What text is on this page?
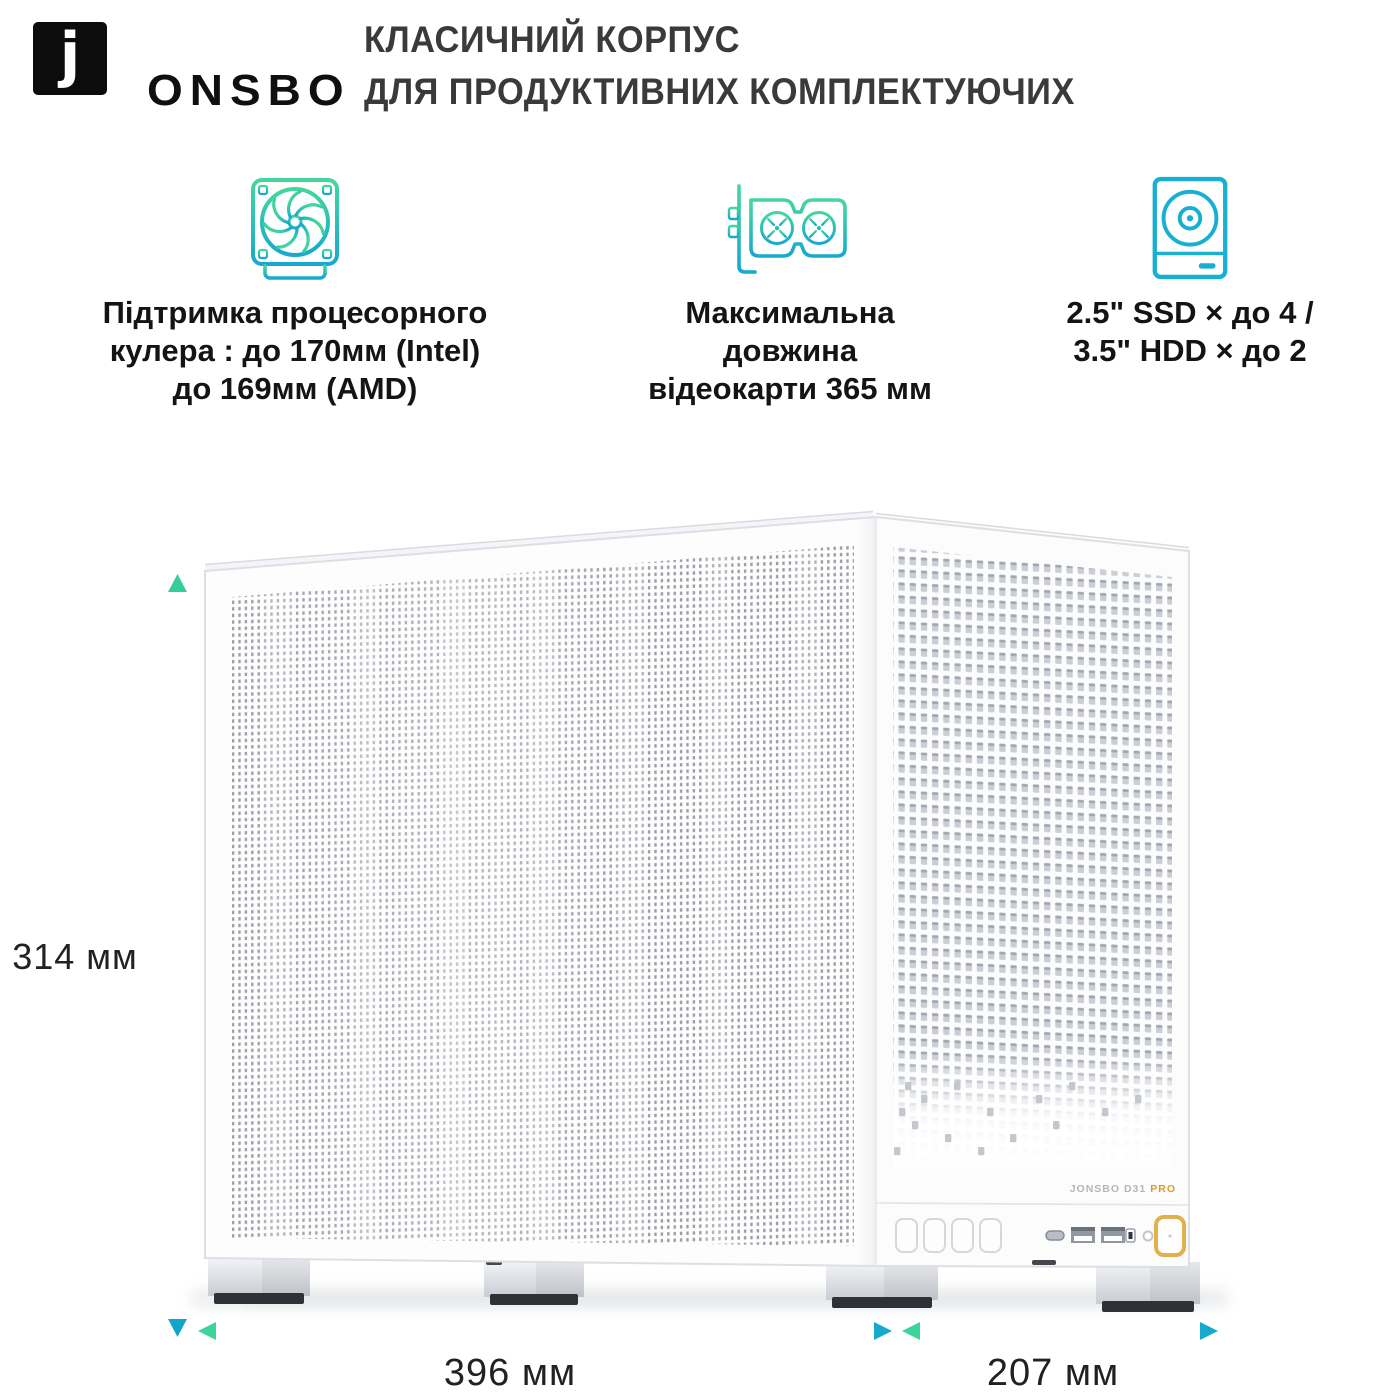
j
ONSBO
КЛАСИЧНИЙ КОРПУС
ДЛЯ ПРОДУКТИВНИХ КОМПЛЕКТУЮЧИХ
Підтримка процесорного
кулера : до 170мм (Intel)
до 169мм (AMD)
Максимальна
довжина
відеокарти 365 мм
2.5" SSD × до 4 /
3.5" HDD × до 2
JONSBO D31 PRO
314 мм
396 мм	207 мм
